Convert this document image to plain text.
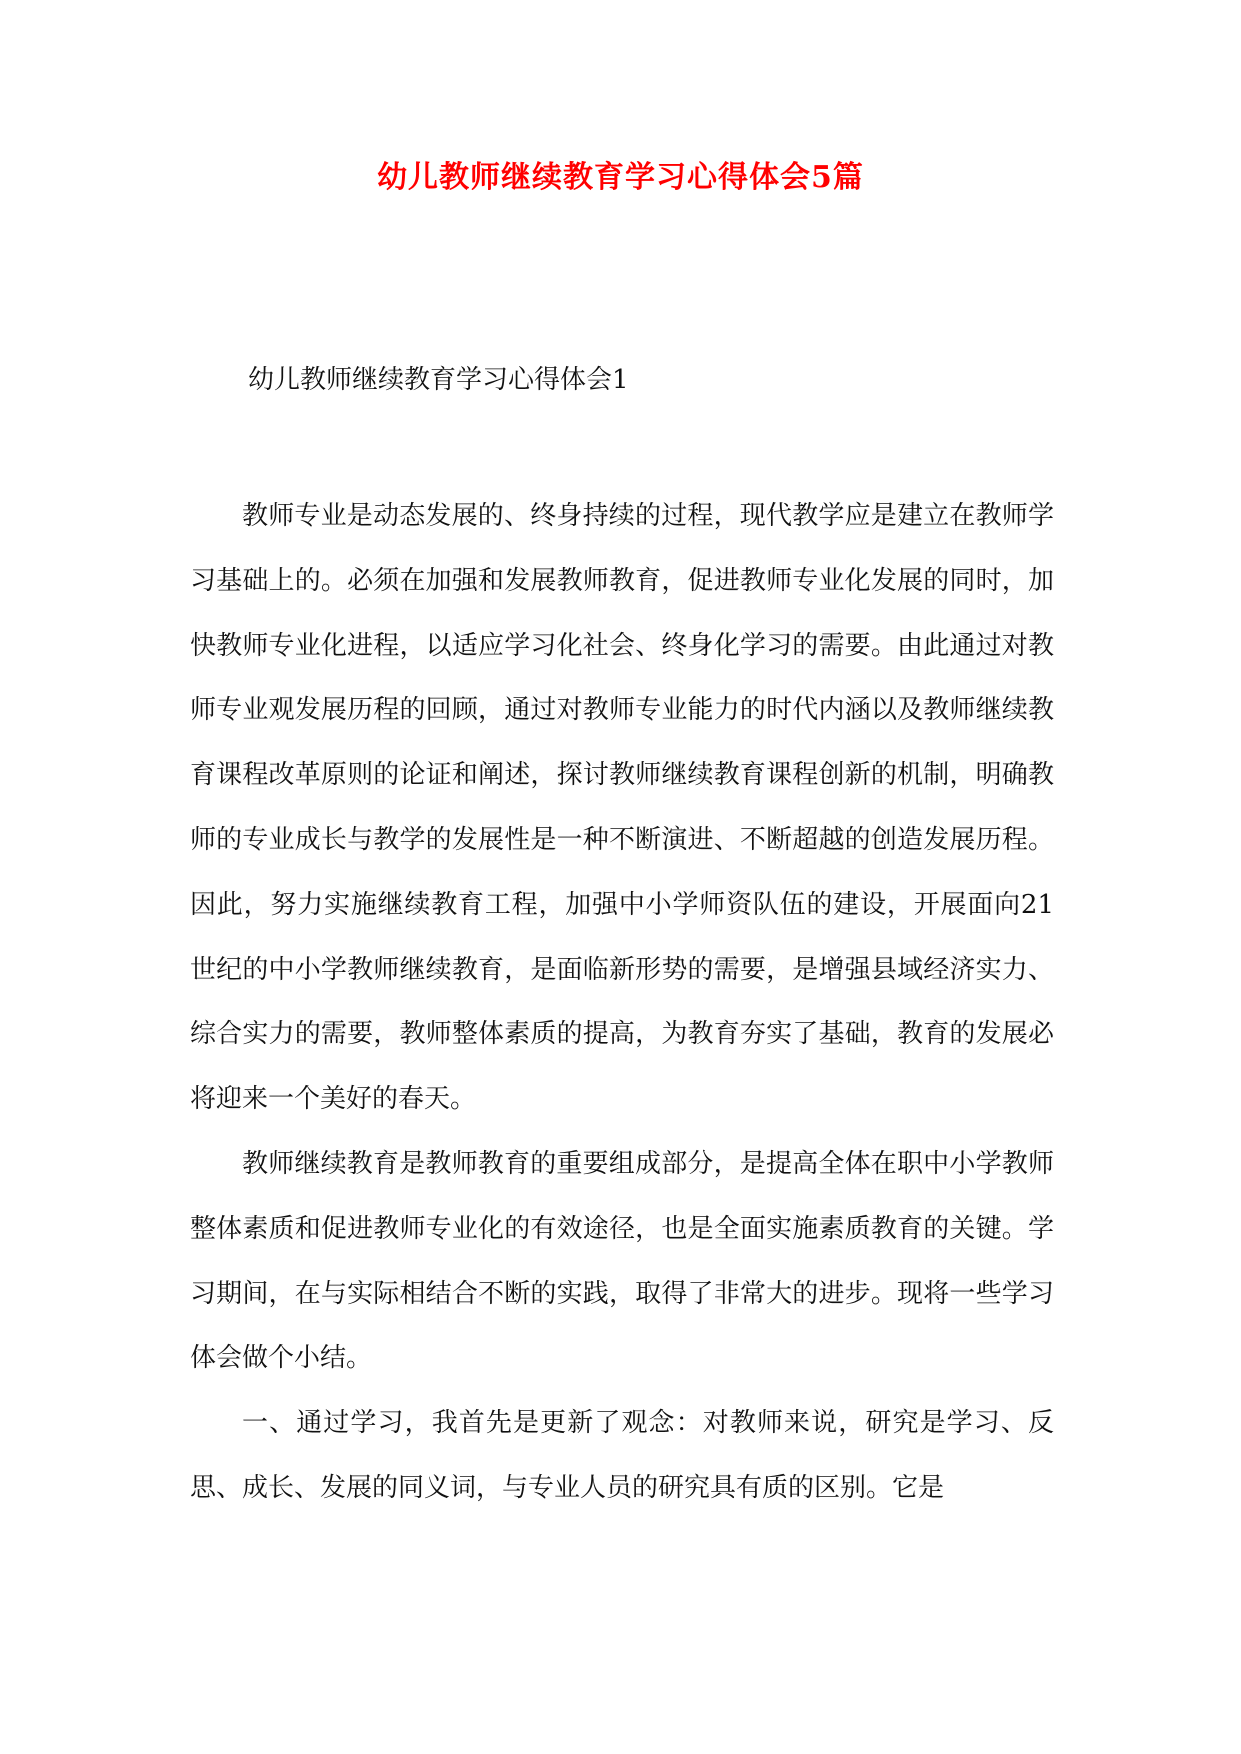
幼儿教师继续教育学习心得体会5篇
幼儿教师继续教育学习心得体会1

教师专业是动态发展的、终身持续的过程，现代教学应是建立在教师学习基础上的。必须在加强和发展教师教育，促进教师专业化发展的同时，加快教师专业化进程，以适应学习化社会、终身化学习的需要。由此通过对教师专业观发展历程的回顾，通过对教师专业能力的时代内涵以及教师继续教育课程改革原则的论证和阐述，探讨教师继续教育课程创新的机制，明确教师的专业成长与教学的发展性是一种不断演进、不断超越的创造发展历程。因此，努力实施继续教育工程，加强中小学师资队伍的建设，开展面向21世纪的中小学教师继续教育，是面临新形势的需要，是增强县域经济实力、综合实力的需要，教师整体素质的提高，为教育夯实了基础，教育的发展必将迎来一个美好的春天。

教师继续教育是教师教育的重要组成部分，是提高全体在职中小学教师整体素质和促进教师专业化的有效途径，也是全面实施素质教育的关键。学习期间，在与实际相结合不断的实践，取得了非常大的进步。现将一些学习体会做个小结。

一、通过学习，我首先是更新了观念：对教师来说，研究是学习、反思、成长、发展的同义词，与专业人员的研究具有质的区别。它是
